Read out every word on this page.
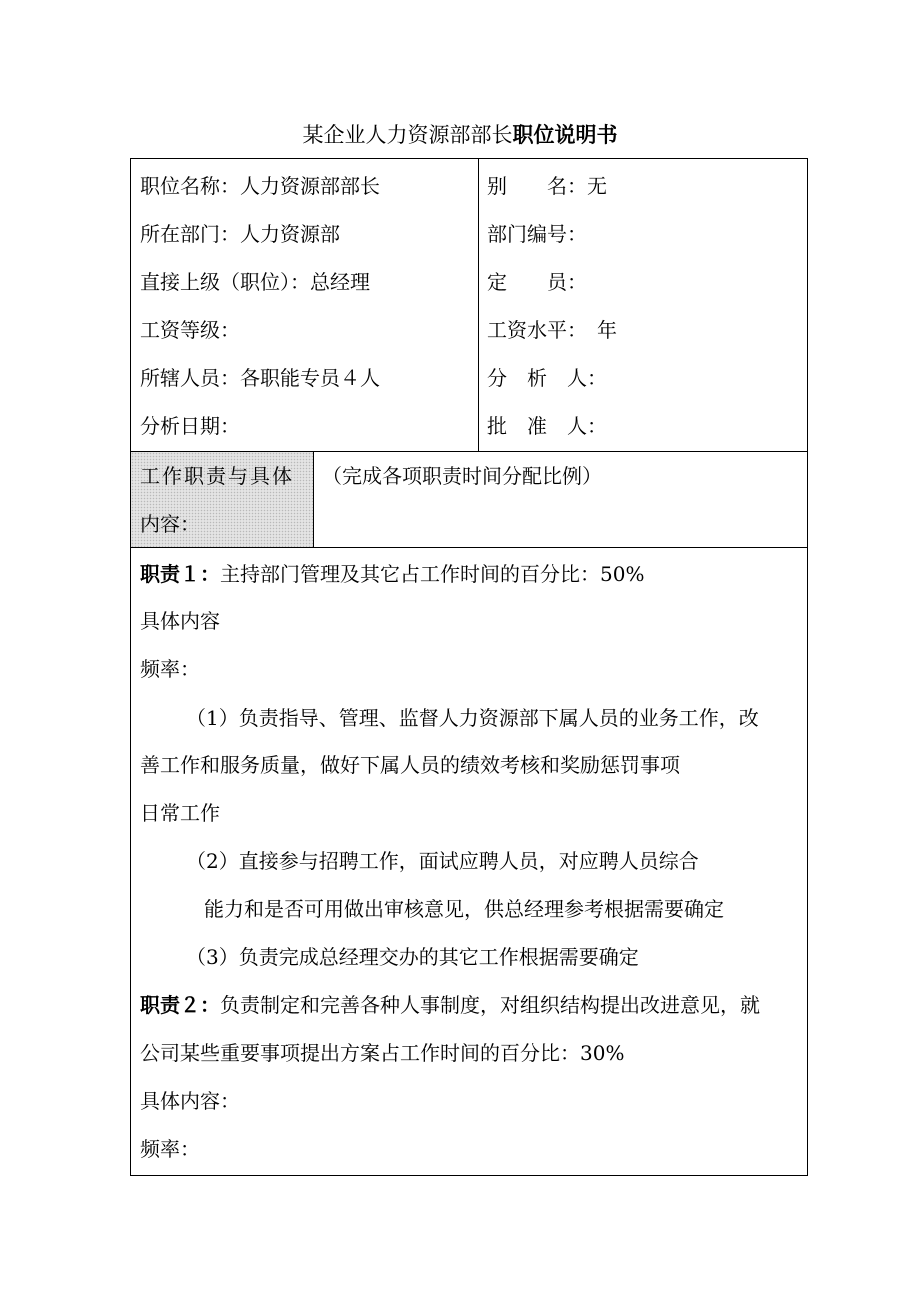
某企业人力资源部部长职位说明书
职位名称：人力资源部部长
所在部门：人力资源部
直接上级（职位）：总经理
工资等级：
所辖人员：各职能专员４人
分析日期：
别　　名：无
部门编号：
定　　员：
工资水平：　年
分　析　人：
批　准　人：
工作职责与具体
内容：
（完成各项职责时间分配比例）
职责１：主持部门管理及其它占工作时间的百分比：50%
具体内容
频率：
（1）负责指导、管理、监督人力资源部下属人员的业务工作，改
善工作和服务质量，做好下属人员的绩效考核和奖励惩罚事项
日常工作
（2）直接参与招聘工作，面试应聘人员，对应聘人员综合
能力和是否可用做出审核意见，供总经理参考根据需要确定
（3）负责完成总经理交办的其它工作根据需要确定
职责２：负责制定和完善各种人事制度，对组织结构提出改进意见，就
公司某些重要事项提出方案占工作时间的百分比：30%
具体内容：
频率：
